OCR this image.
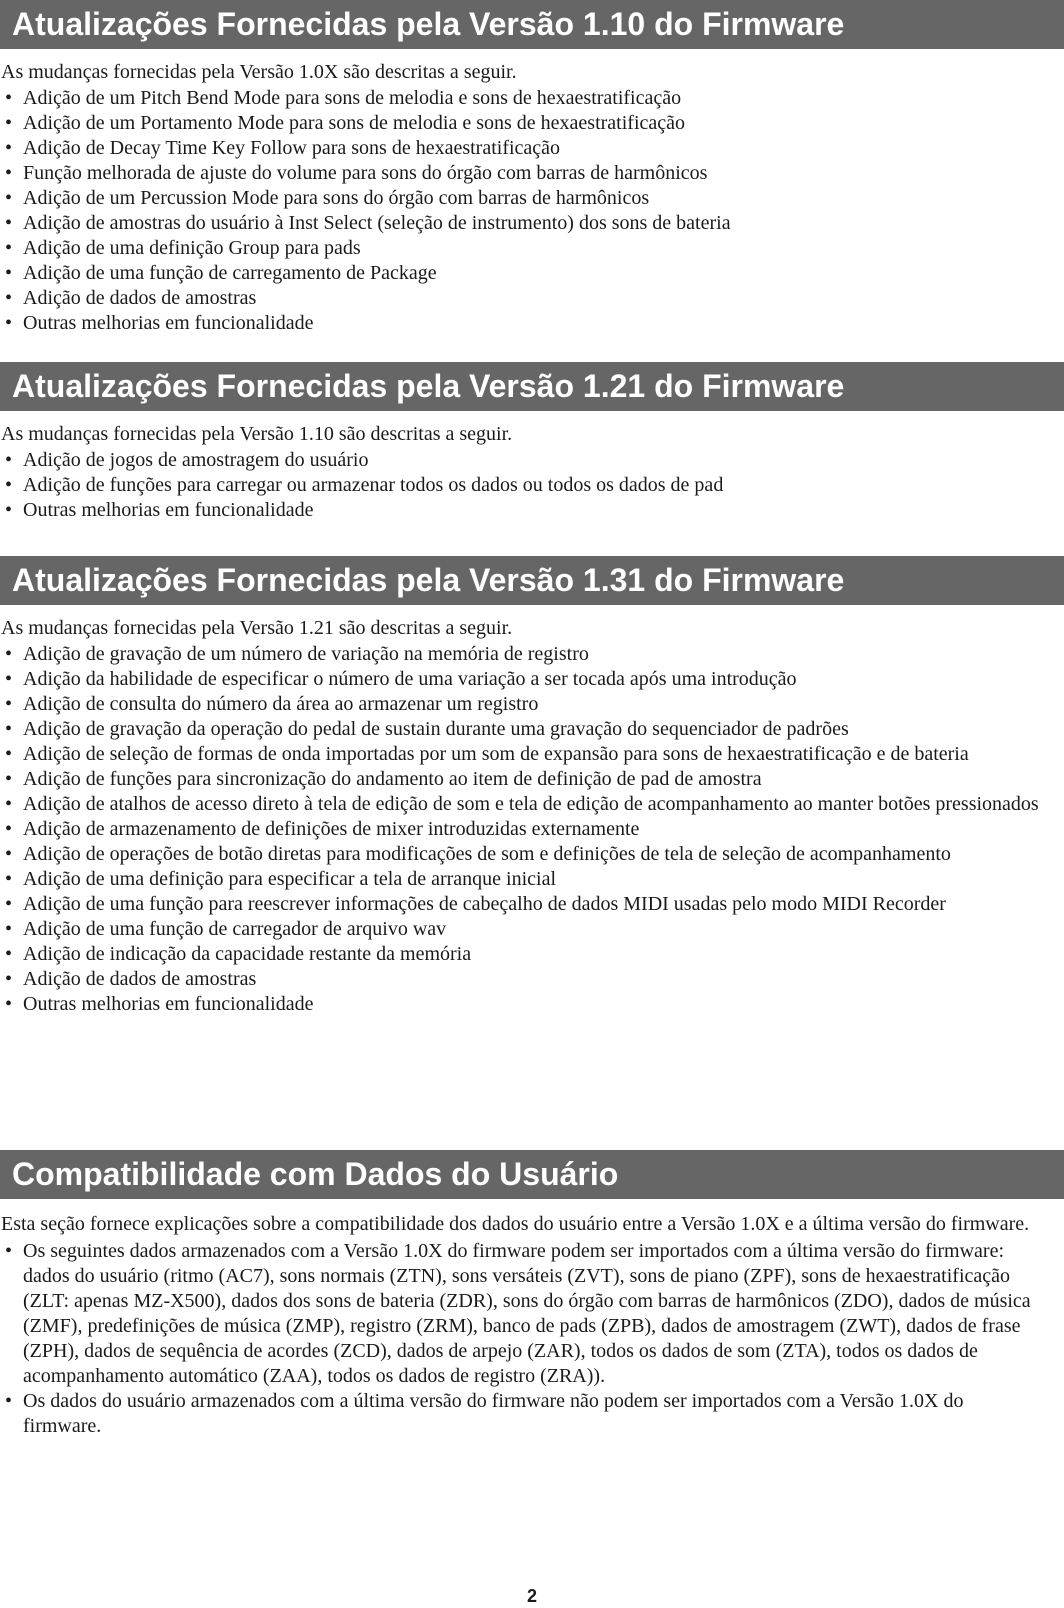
Atualizações Fornecidas pela Versão 1.10 do Firmware

As mudanças fornecidas pela Versão 1.0X são descritas a seguir.

• Adição de um Pitch Bend Mode para sons de melodia e sons de hexaestratificação
• Adição de um Portamento Mode para sons de melodia e sons de hexaestratificação
• Adição de Decay Time Key Follow para sons de hexaestratificação
• Função melhorada de ajuste do volume para sons do órgão com barras de harmônicos
• Adição de um Percussion Mode para sons do órgão com barras de harmônicos
• Adição de amostras do usuário à Inst Select (seleção de instrumento) dos sons de bateria
• Adição de uma definição Group para pads
• Adição de uma função de carregamento de Package
• Adição de dados de amostras
• Outras melhorias em funcionalidade
Atualizações Fornecidas pela Versão 1.21 do Firmware

As mudanças fornecidas pela Versão 1.10 são descritas a seguir.

• Adição de jogos de amostragem do usuário
• Adição de funções para carregar ou armazenar todos os dados ou todos os dados de pad
• Outras melhorias em funcionalidade
Atualizações Fornecidas pela Versão 1.31 do Firmware

As mudanças fornecidas pela Versão 1.21 são descritas a seguir.

• Adição de gravação de um número de variação na memória de registro
• Adição da habilidade de especificar o número de uma variação a ser tocada após uma introdução
• Adição de consulta do número da área ao armazenar um registro
• Adição de gravação da operação do pedal de sustain durante uma gravação do sequenciador de padrões
• Adição de seleção de formas de onda importadas por um som de expansão para sons de hexaestratificação e de bateria
• Adição de funções para sincronização do andamento ao item de definição de pad de amostra
• Adição de atalhos de acesso direto à tela de edição de som e tela de edição de acompanhamento ao manter botões pressionados
• Adição de armazenamento de definições de mixer introduzidas externamente
• Adição de operações de botão diretas para modificações de som e definições de tela de seleção de acompanhamento
• Adição de uma definição para especificar a tela de arranque inicial
• Adição de uma função para reescrever informações de cabeçalho de dados MIDI usadas pelo modo MIDI Recorder
• Adição de uma função de carregador de arquivo wav
• Adição de indicação da capacidade restante da memória
• Adição de dados de amostras
• Outras melhorias em funcionalidade
Compatibilidade com Dados do Usuário

Esta seção fornece explicações sobre a compatibilidade dos dados do usuário entre a Versão 1.0X e a última versão do firmware.

• Os seguintes dados armazenados com a Versão 1.0X do firmware podem ser importados com a última versão do firmware: dados do usuário (ritmo (AC7), sons normais (ZTN), sons versáteis (ZVT), sons de piano (ZPF), sons de hexaestratificação (ZLT: apenas MZ-X500), dados dos sons de bateria (ZDR), sons do órgão com barras de harmônicos (ZDO), dados de música (ZMF), predefinições de música (ZMP), registro (ZRM), banco de pads (ZPB), dados de amostragem (ZWT), dados de frase (ZPH), dados de sequência de acordes (ZCD), dados de arpejo (ZAR), todos os dados de som (ZTA), todos os dados de acompanhamento automático (ZAA), todos os dados de registro (ZRA)).
• Os dados do usuário armazenados com a última versão do firmware não podem ser importados com a Versão 1.0X do firmware.
2
